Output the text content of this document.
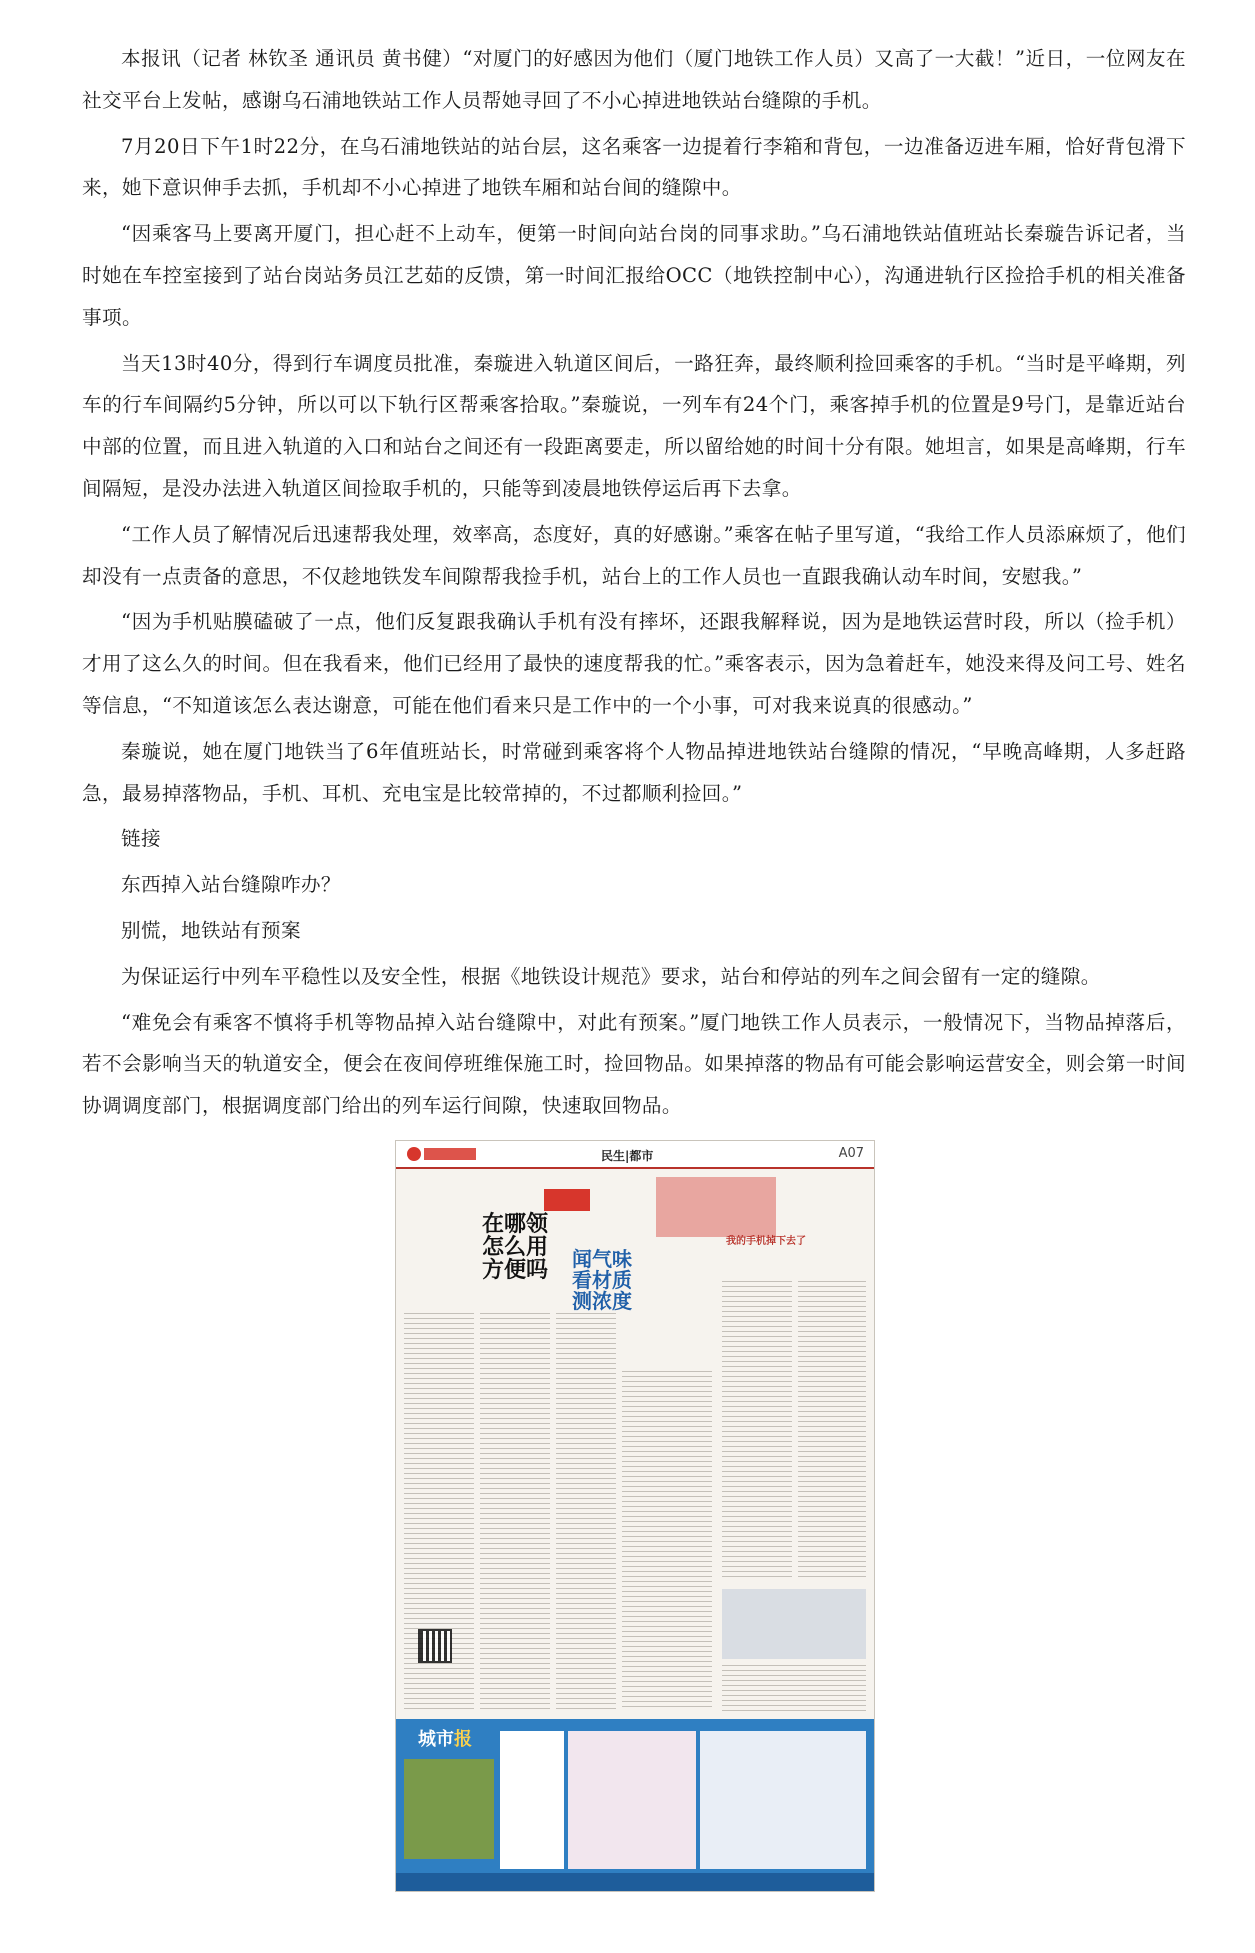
本报讯（记者 林钦圣 通讯员 黄书健）“对厦门的好感因为他们（厦门地铁工作人员）又高了一大截！”近日，一位网友在社交平台上发帖，感谢乌石浦地铁站工作人员帮她寻回了不小心掉进地铁站台缝隙的手机。

7月20日下午1时22分，在乌石浦地铁站的站台层，这名乘客一边提着行李箱和背包，一边准备迈进车厢，恰好背包滑下来，她下意识伸手去抓，手机却不小心掉进了地铁车厢和站台间的缝隙中。

“因乘客马上要离开厦门，担心赶不上动车，便第一时间向站台岗的同事求助。”乌石浦地铁站值班站长秦璇告诉记者，当时她在车控室接到了站台岗站务员江艺茹的反馈，第一时间汇报给OCC（地铁控制中心），沟通进轨行区捡拾手机的相关准备事项。

当天13时40分，得到行车调度员批准，秦璇进入轨道区间后，一路狂奔，最终顺利捡回乘客的手机。“当时是平峰期，列车的行车间隔约5分钟，所以可以下轨行区帮乘客拾取。”秦璇说，一列车有24个门，乘客掉手机的位置是9号门，是靠近站台中部的位置，而且进入轨道的入口和站台之间还有一段距离要走，所以留给她的时间十分有限。她坦言，如果是高峰期，行车间隔短，是没办法进入轨道区间捡取手机的，只能等到凌晨地铁停运后再下去拿。

“工作人员了解情况后迅速帮我处理，效率高，态度好，真的好感谢。”乘客在帖子里写道，“我给工作人员添麻烦了，他们却没有一点责备的意思，不仅趁地铁发车间隙帮我捡手机，站台上的工作人员也一直跟我确认动车时间，安慰我。”

“因为手机贴膜磕破了一点，他们反复跟我确认手机有没有摔坏，还跟我解释说，因为是地铁运营时段，所以（捡手机）才用了这么久的时间。但在我看来，他们已经用了最快的速度帮我的忙。”乘客表示，因为急着赶车，她没来得及问工号、姓名等信息，“不知道该怎么表达谢意，可能在他们看来只是工作中的一个小事，可对我来说真的很感动。”

秦璇说，她在厦门地铁当了6年值班站长，时常碰到乘客将个人物品掉进地铁站台缝隙的情况，“早晚高峰期，人多赶路急，最易掉落物品，手机、耳机、充电宝是比较常掉的，不过都顺利捡回。”

链接

东西掉入站台缝隙咋办？

别慌，地铁站有预案

为保证运行中列车平稳性以及安全性，根据《地铁设计规范》要求，站台和停站的列车之间会留有一定的缝隙。

“难免会有乘客不慎将手机等物品掉入站台缝隙中，对此有预案。”厦门地铁工作人员表示，一般情况下，当物品掉落后，若不会影响当天的轨道安全，便会在夜间停班维保施工时，捡回物品。如果掉落的物品有可能会影响运营安全，则会第一时间协调调度部门，根据调度部门给出的列车运行间隙，快速取回物品。

民生|都市	A07
在哪领
怎么用
方便吗 闻气味
看材质
测浓度
我的手机掉下去了
城市报
